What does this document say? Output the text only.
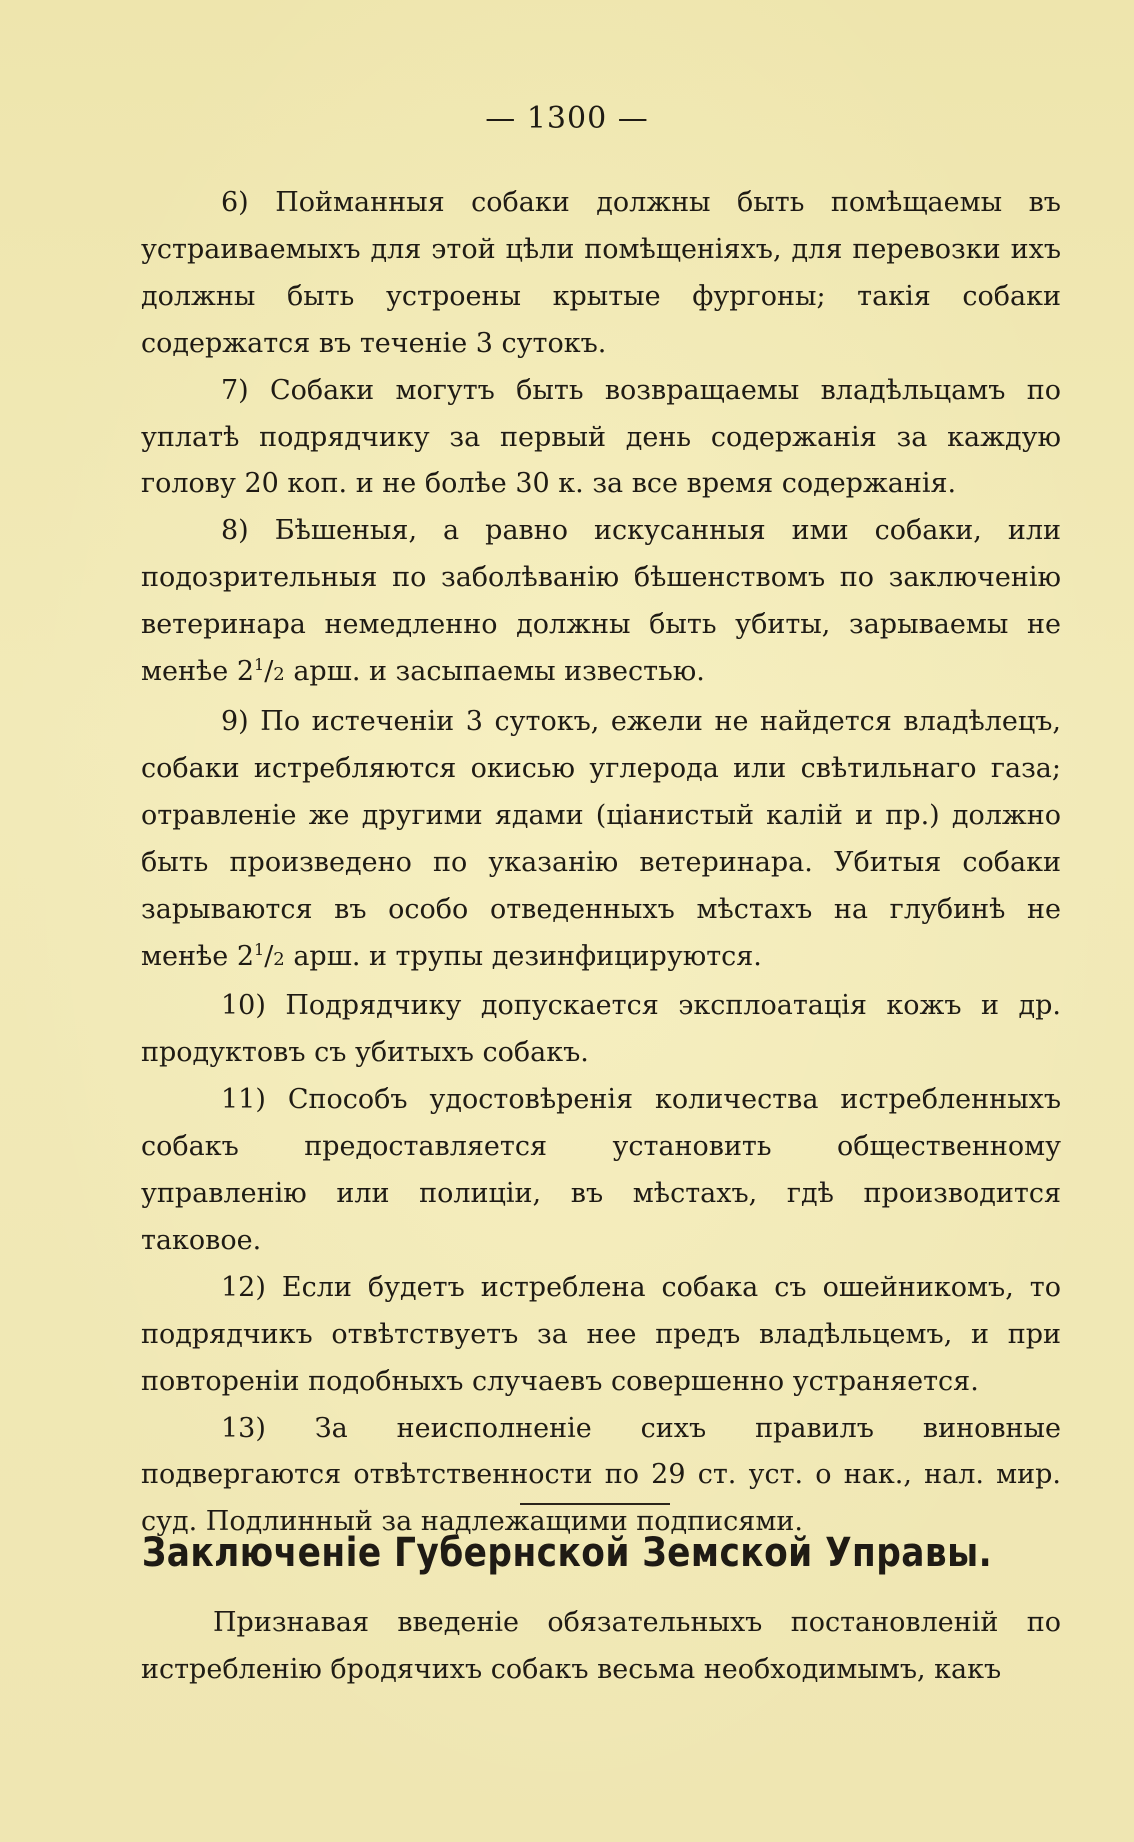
— 1300 —

6) Пойманныя собаки должны быть помѣщаемы въ устраиваемыхъ для этой цѣли помѣщеніяхъ, для перевозки ихъ должны быть устроены крытые фургоны; такія собаки содержатся въ теченіе 3 сутокъ.

7) Собаки могутъ быть возвращаемы владѣльцамъ по уплатѣ подрядчику за первый день содержанія за каждую голову 20 коп. и не болѣе 30 к. за все время содержанія.

8) Бѣшеныя, а равно искусанныя ими собаки, или подозрительныя по заболѣванію бѣшенствомъ по заключенію ветеринара немедленно должны быть убиты, зарываемы не менѣе $2^1/2$ арш. и засыпаемы известью.

9) По истеченіи 3 сутокъ, ежели не найдется владѣлецъ, собаки истребляются окисью углерода или свѣтильнаго газа; отравленіе же другими ядами (ціанистый калій и пр.) должно быть произведено по указанію ветеринара. Убитыя собаки зарываются въ особо отведенныхъ мѣстахъ на глубинѣ не менѣе $2^1/2$ арш. и трупы дезинфицируются.

10) Подрядчику допускается эксплоатація кожъ и др. продуктовъ съ убитыхъ собакъ.

11) Способъ удостовѣренія количества истребленныхъ собакъ предоставляется установить общественному управленію или полиціи, въ мѣстахъ, гдѣ производится таковое.

12) Если будетъ истреблена собака съ ошейникомъ, то подрядчикъ отвѣтствуетъ за нее предъ владѣльцемъ, и при повтореніи подобныхъ случаевъ совершенно устраняется.

13) За неисполненіе сихъ правилъ виновные подвергаются отвѣтственности по 29 ст. уст. о нак., нал. мир. суд. Подлинный за надлежащими подписями.

Заключеніе Губернской Земской Управы.

Признавая введеніе обязательныхъ постановленій по истребленію бродячихъ собакъ весьма необходимымъ, какъ
